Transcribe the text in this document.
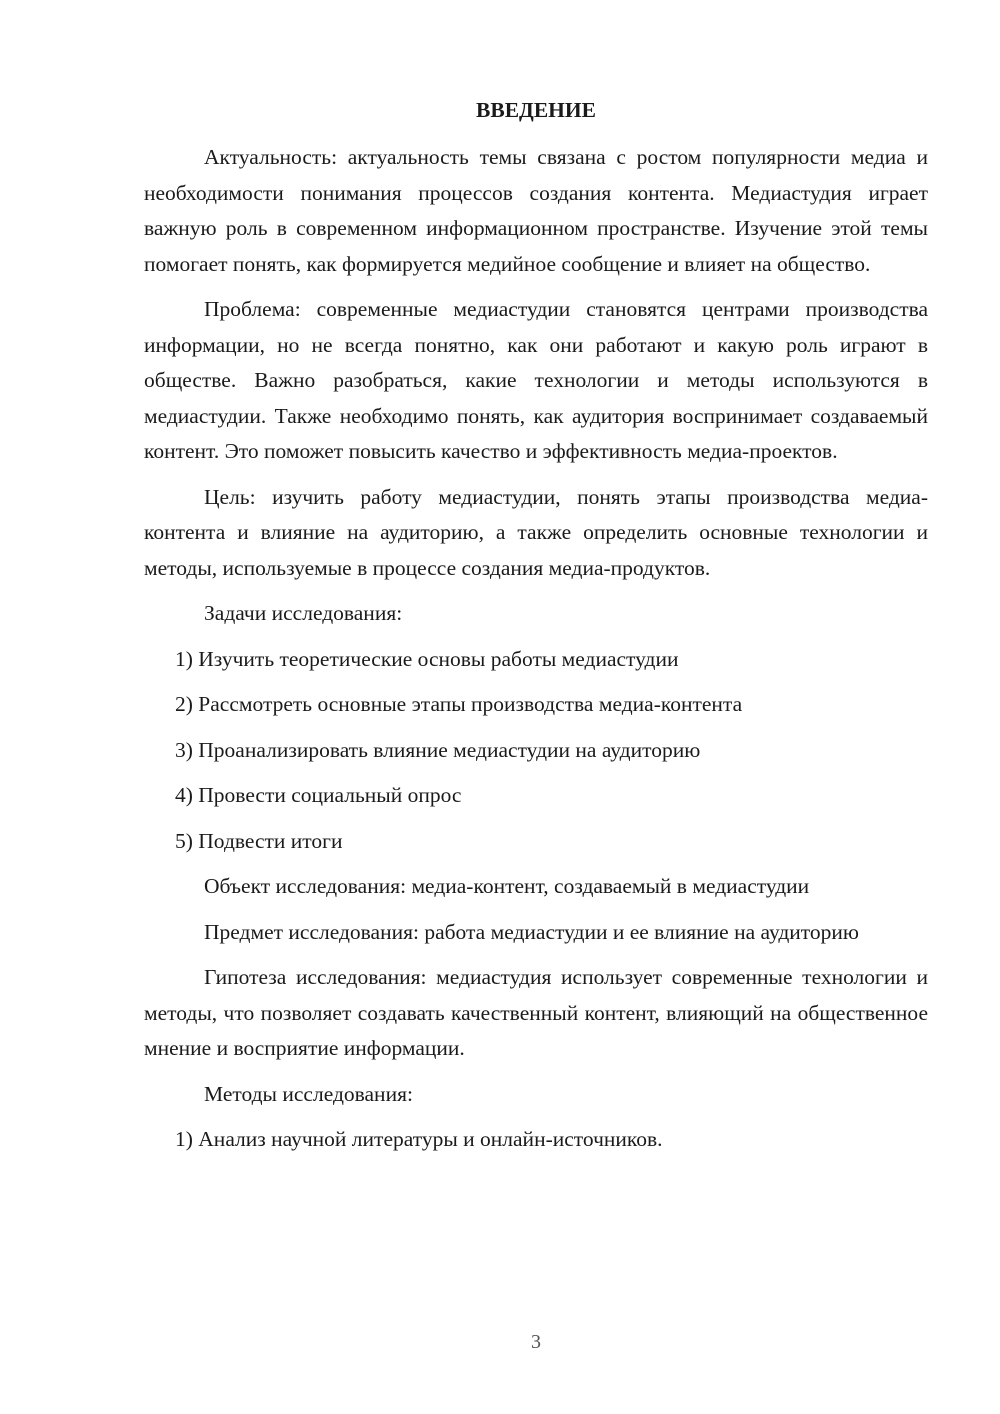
ВВЕДЕНИЕ

Актуальность: актуальность темы связана с ростом популярности медиа и необходимости понимания процессов создания контента. Медиастудия играет важную роль в современном информационном пространстве. Изучение этой темы помогает понять, как формируется медийное сообщение и влияет на общество.

Проблема: современные медиастудии становятся центрами производства информации, но не всегда понятно, как они работают и какую роль играют в обществе. Важно разобраться, какие технологии и методы используются в медиастудии. Также необходимо понять, как аудитория воспринимает создаваемый контент. Это поможет повысить качество и эффективность медиа-проектов.

Цель: изучить работу медиастудии, понять этапы производства медиа-контента и влияние на аудиторию, а также определить основные технологии и методы, используемые в процессе создания медиа-продуктов.

Задачи исследования:

1) Изучить теоретические основы работы медиастудии

2) Рассмотреть основные этапы производства медиа-контента

3) Проанализировать влияние медиастудии на аудиторию

4) Провести социальный опрос

5) Подвести итоги

Объект исследования: медиа-контент, создаваемый в медиастудии

Предмет исследования: работа медиастудии и ее влияние на аудиторию

Гипотеза исследования: медиастудия использует современные технологии и методы, что позволяет создавать качественный контент, влияющий на общественное мнение и восприятие информации.

Методы исследования:

1) Анализ научной литературы и онлайн-источников.

3
